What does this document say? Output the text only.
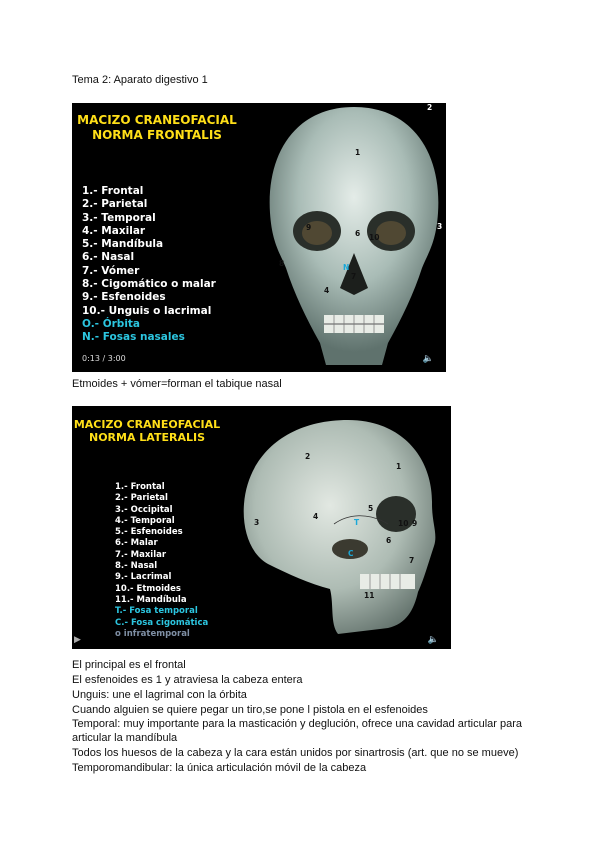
Tema 2: Aparato digestivo 1
MACIZO CRANEOFACIAL
NORMA FRONTALIS
1.- Frontal
2.- Parietal
3.- Temporal
4.- Maxilar
5.- Mandíbula
6.- Nasal
7.- Vómer
8.- Cigomático o malar
9.- Esfenoides
10.- Unguis o lacrimal
O.- Órbita
N.- Fosas nasales
0:13 / 3:00	🔈
1
2
3
4
6
7
8
9
10
N
Etmoides + vómer=forman el tabique nasal
MACIZO CRANEOFACIAL
NORMA LATERALIS
1.- Frontal
2.- Parietal
3.- Occipital
4.- Temporal
5.- Esfenoides
6.- Malar
7.- Maxilar
8.- Nasal
9.- Lacrimal
10.- Etmoides
11.- Mandíbula
T.- Fosa temporal
C.- Fosa cigomática
o infratemporal
🔈
▶
1
2
3
4
5
6
7
9
10
11
T
C
El principal es el frontal
El esfenoides es 1 y atraviesa la cabeza entera
Unguis: une el lagrimal con la órbita
Cuando alguien se quiere pegar un tiro,se pone l pistola en el esfenoides
Temporal: muy importante para la masticación y deglución, ofrece una cavidad articular para
articular la mandíbula
Todos los huesos de la cabeza y la cara están unidos por sinartrosis (art. que no se mueve)
Temporomandibular: la única articulación móvil de la cabeza
